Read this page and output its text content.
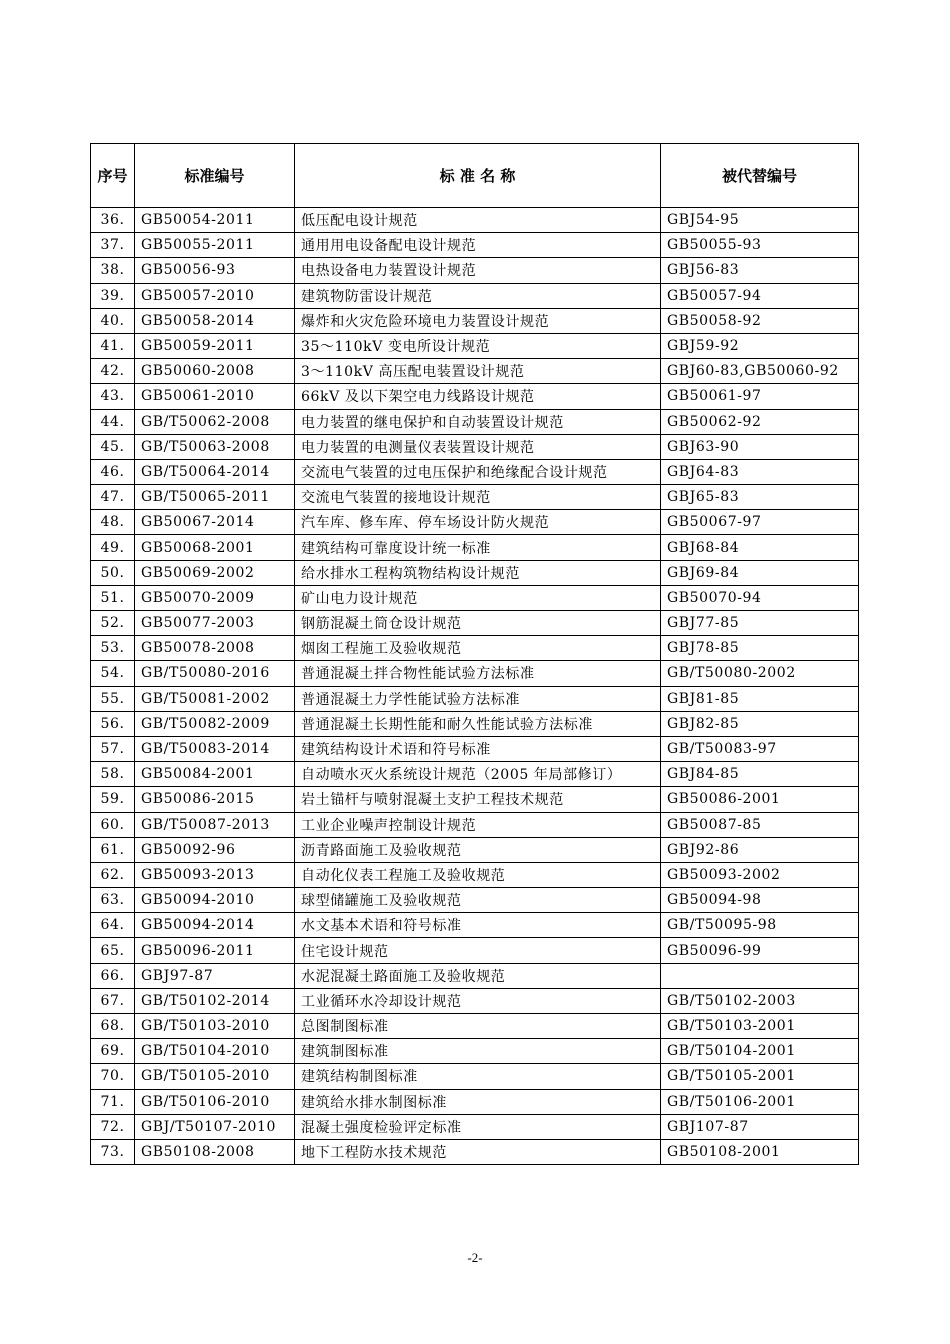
序号	标准编号	标 准 名 称	被代替编号
36.	GB50054-2011	低压配电设计规范	GBJ54-95
37.	GB50055-2011	通用用电设备配电设计规范	GB50055-93
38.	GB50056-93	电热设备电力装置设计规范	GBJ56-83
39.	GB50057-2010	建筑物防雷设计规范	GB50057-94
40.	GB50058-2014	爆炸和火灾危险环境电力装置设计规范	GB50058-92
41.	GB50059-2011	35～110kV 变电所设计规范	GBJ59-92
42.	GB50060-2008	3～110kV 高压配电装置设计规范	GBJ60-83,GB50060-92
43.	GB50061-2010	66kV 及以下架空电力线路设计规范	GB50061-97
44.	GB/T50062-2008	电力装置的继电保护和自动装置设计规范	GB50062-92
45.	GB/T50063-2008	电力装置的电测量仪表装置设计规范	GBJ63-90
46.	GB/T50064-2014	交流电气装置的过电压保护和绝缘配合设计规范	GBJ64-83
47.	GB/T50065-2011	交流电气装置的接地设计规范	GBJ65-83
48.	GB50067-2014	汽车库、修车库、停车场设计防火规范	GB50067-97
49.	GB50068-2001	建筑结构可靠度设计统一标准	GBJ68-84
50.	GB50069-2002	给水排水工程构筑物结构设计规范	GBJ69-84
51.	GB50070-2009	矿山电力设计规范	GB50070-94
52.	GB50077-2003	钢筋混凝土筒仓设计规范	GBJ77-85
53.	GB50078-2008	烟囱工程施工及验收规范	GBJ78-85
54.	GB/T50080-2016	普通混凝土拌合物性能试验方法标准	GB/T50080-2002
55.	GB/T50081-2002	普通混凝土力学性能试验方法标准	GBJ81-85
56.	GB/T50082-2009	普通混凝土长期性能和耐久性能试验方法标准	GBJ82-85
57.	GB/T50083-2014	建筑结构设计术语和符号标准	GB/T50083-97
58.	GB50084-2001	自动喷水灭火系统设计规范（2005 年局部修订）	GBJ84-85
59.	GB50086-2015	岩土锚杆与喷射混凝土支护工程技术规范	GB50086-2001
60.	GB/T50087-2013	工业企业噪声控制设计规范	GB50087-85
61.	GB50092-96	沥青路面施工及验收规范	GBJ92-86
62.	GB50093-2013	自动化仪表工程施工及验收规范	GB50093-2002
63.	GB50094-2010	球型储罐施工及验收规范	GB50094-98
64.	GB50094-2014	水文基本术语和符号标准	GB/T50095-98
65.	GB50096-2011	住宅设计规范	GB50096-99
66.	GBJ97-87	水泥混凝土路面施工及验收规范	
67.	GB/T50102-2014	工业循环水冷却设计规范	GB/T50102-2003
68.	GB/T50103-2010	总图制图标准	GB/T50103-2001
69.	GB/T50104-2010	建筑制图标准	GB/T50104-2001
70.	GB/T50105-2010	建筑结构制图标准	GB/T50105-2001
71.	GB/T50106-2010	建筑给水排水制图标准	GB/T50106-2001
72.	GBJ/T50107-2010	混凝土强度检验评定标准	GBJ107-87
73.	GB50108-2008	地下工程防水技术规范	GB50108-2001
-2-
